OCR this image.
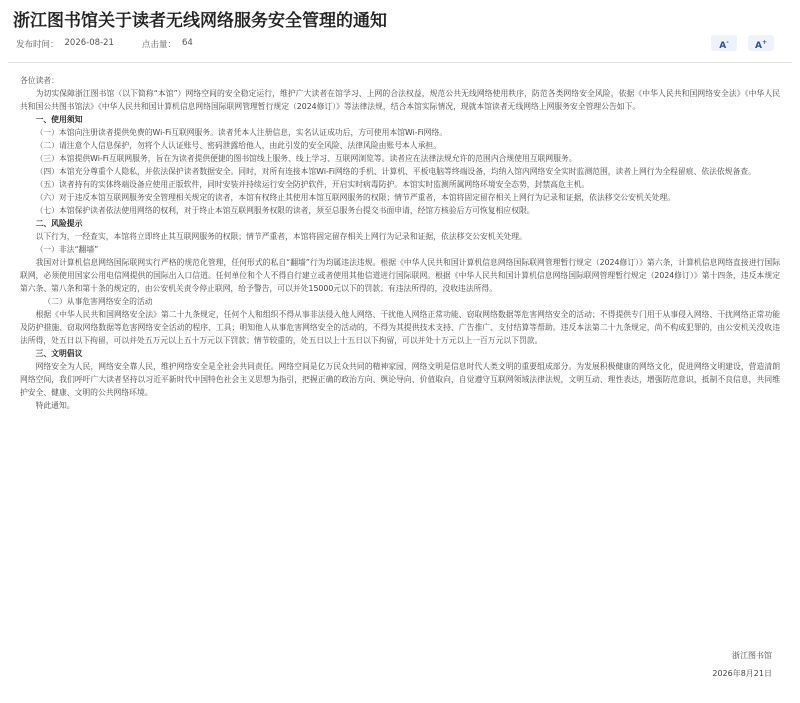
浙江图书馆关于读者无线网络服务安全管理的通知
发布时间： 2026-08-21	点击量： 64	A-	A+

各位读者：

为切实保障浙江图书馆（以下简称“本馆”）网络空间的安全稳定运行，维护广大读者在馆学习、上网的合法权益，规范公共无线网络使用秩序，防范各类网络安全风险，依据《中华人民共和国网络安全法》《中华人民共和国公共图书馆法》《中华人民共和国计算机信息网络国际联网管理暂行规定（2024修订）》等法律法规，结合本馆实际情况，现就本馆读者无线网络上网服务安全管理公告如下。

一、使用须知

（一）本馆向注册读者提供免费的Wi-Fi互联网服务。读者凭本人注册信息，实名认证成功后，方可使用本馆Wi-Fi网络。

（二）请注意个人信息保护，勿将个人认证账号、密码泄露给他人，由此引发的安全风险、法律风险由账号本人承担。

（三）本馆提供Wi-Fi互联网服务，旨在为读者提供便捷的图书馆线上服务、线上学习、互联网浏览等。读者应在法律法规允许的范围内合规使用互联网服务。

（四）本馆充分尊重个人隐私，并依法保护读者数据安全。同时，对所有连接本馆Wi-Fi网络的手机、计算机、平板电脑等终端设备，均纳入馆内网络安全实时监测范围，读者上网行为全程留痕、依法依规备查。

（五）读者持有的实体终端设备应使用正版软件，同时安装并持续运行安全防护软件，开启实时病毒防护。本馆实时监测所属网络环境安全态势，封禁高危主机。

（六）对于违反本馆互联网服务安全管理相关规定的读者，本馆有权终止其使用本馆互联网服务的权限；情节严重者，本馆将固定留存相关上网行为记录和证据，依法移交公安机关处理。

（七）本馆保护读者依法使用网络的权利，对于终止本馆互联网服务权限的读者，须至总服务台提交书面申请，经馆方核验后方可恢复相应权限。

二、风险提示

以下行为，一经查实，本馆将立即终止其互联网服务的权限；情节严重者，本馆将固定留存相关上网行为记录和证据，依法移交公安机关处理。

（一）非法“翻墙”

我国对计算机信息网络国际联网实行严格的规范化管理，任何形式的私自“翻墙”行为均属违法违规。根据《中华人民共和国计算机信息网络国际联网管理暂行规定（2024修订）》第六条，计算机信息网络直接进行国际联网，必须使用国家公用电信网提供的国际出入口信道。任何单位和个人不得自行建立或者使用其他信道进行国际联网。根据《中华人民共和国计算机信息网络国际联网管理暂行规定（2024修订）》第十四条，违反本规定第六条、第八条和第十条的规定的，由公安机关责令停止联网，给予警告，可以并处15000元以下的罚款；有违法所得的，没收违法所得。

（二）从事危害网络安全的活动

根据《中华人民共和国网络安全法》第二十九条规定，任何个人和组织不得从事非法侵入他人网络、干扰他人网络正常功能、窃取网络数据等危害网络安全的活动；不得提供专门用于从事侵入网络、干扰网络正常功能及防护措施、窃取网络数据等危害网络安全活动的程序、工具；明知他人从事危害网络安全的活动的，不得为其提供技术支持、广告推广、支付结算等帮助。违反本法第二十九条规定，尚不构成犯罪的，由公安机关没收违法所得，处五日以下拘留，可以并处五万元以上五十万元以下罚款；情节较重的，处五日以上十五日以下拘留，可以并处十万元以上一百万元以下罚款。

三、文明倡议

网络安全为人民，网络安全靠人民，维护网络安全是全社会共同责任。网络空间是亿万民众共同的精神家园，网络文明是信息时代人类文明的重要组成部分。为发展积极健康的网络文化，促进网络文明建设，营造清朗网络空间，我们呼吁广大读者坚持以习近平新时代中国特色社会主义思想为指引，把握正确的政治方向、舆论导向、价值取向，自觉遵守互联网领域法律法规，文明互动、理性表达，增强防范意识，抵制不良信息，共同维护安全、健康、文明的公共网络环境。

特此通知。

浙江图书馆
2026年8月21日
